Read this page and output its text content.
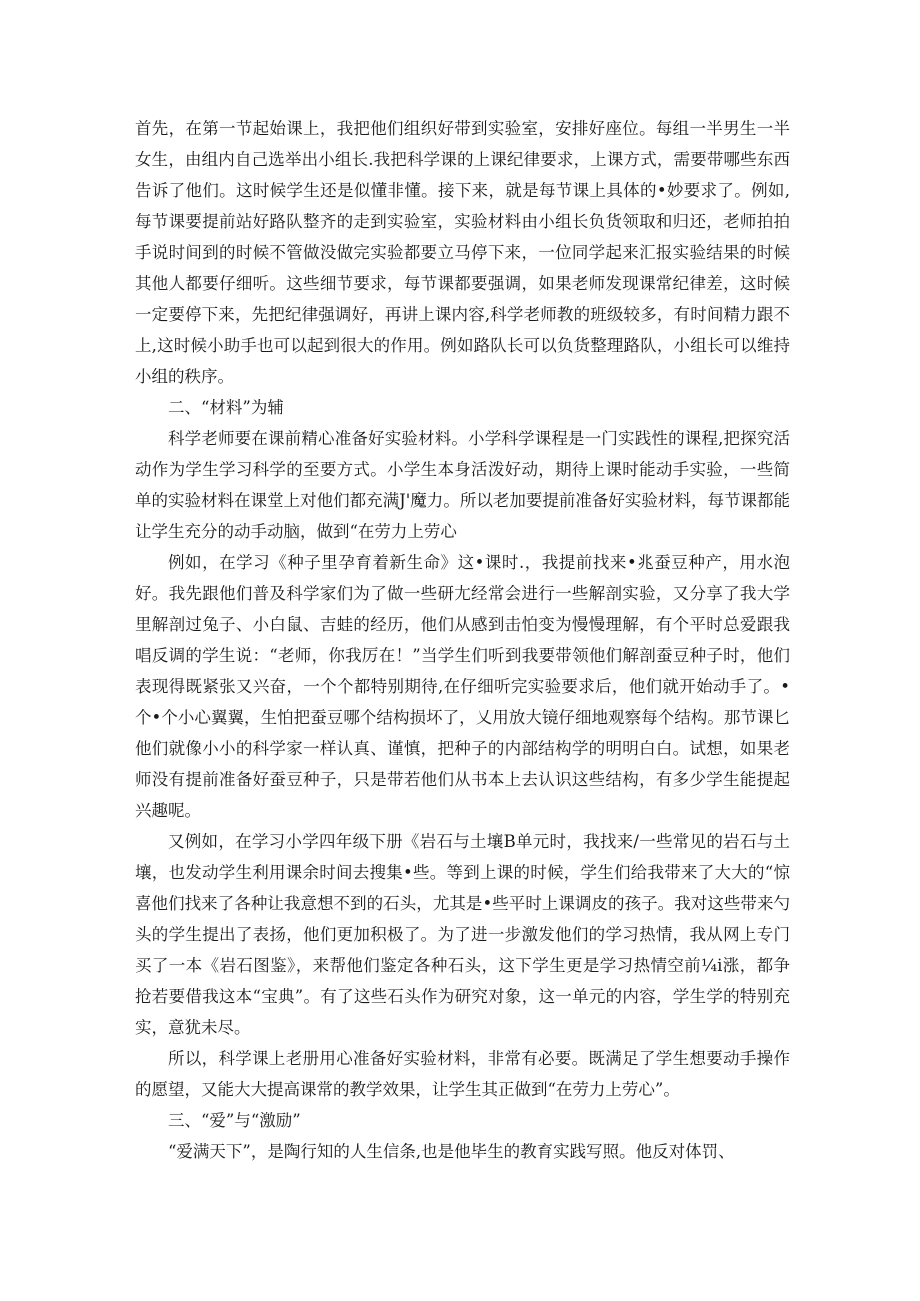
首先，在第一节起始课上，我把他们组织好带到实验室，安排好座位。每组一半男生一半女生，由组内自己选举出小组长.我把科学课的上课纪律要求，上课方式，需要带哪些东西告诉了他们。这时候学生还是似懂非懂。接下来，就是每节课上具体的•妙要求了。例如,每节课要提前站好路队整齐的走到实验室，实验材料由小组长负货领取和归还，老师拍拍手说时间到的时候不管做没做完实验都要立马停下来，一位同学起来汇报实验结果的时候其他人都要仔细听。这些细节要求，每节课都要强调，如果老师发现课常纪律差，这时候一定要停下来，先把纪律强调好，再讲上课内容,科学老师教的班级较多，有时间精力跟不上,这时候小助手也可以起到很大的作用。例如路队长可以负货整理路队，小组长可以维持小组的秩序。

二、“材料”为辅

科学老师要在课前精心准备好实验材料。小学科学课程是一门实践性的课程,把探究活动作为学生学习科学的至要方式。小学生本身活泼好动，期待上课时能动手实验，一些简单的实验材料在课堂上对他们都充满J'魔力。所以老加要提前准备好实验材料，每节课都能让学生充分的动手动脑，做到“在劳力上劳心

例如，在学习《种子里孕育着新生命》这•课时.，我提前找来•兆蚕豆种产，用水泡好。我先跟他们普及科学家们为了做一些研尢经常会进行一些解剖实验，又分享了我大学里解剖过兔子、小白鼠、吉蛙的经历，他们从感到击怕变为慢慢理解，有个平时总爱跟我唱反调的学生说：“老师，你我厉在！”当学生们听到我要带领他们解剖蚕豆种子时，他们表现得既紧张又兴奋，一个个都特别期待,在仔细听完实验要求后，他们就开始动手了。•个•个小心翼翼，生怕把蚕豆哪个结构损坏了，乂用放大镜仔细地观察每个结构。那节课匕他们就像小小的科学家一样认真、谨慎，把种子的内部结构学的明明白白。试想，如果老师没有提前准备好蚕豆种子，只是带若他们从书本上去认识这些结构，有多少学生能提起兴趣呢。

又例如，在学习小学四年级下册《岩石与土壤B单元时，我找来/一些常见的岩石与土壤，也发动学生利用课余时间去搜集•些。等到上课的时候，学生们给我带来了大大的“惊喜他们找来了各种让我意想不到的石头，尤其是•些平时上课调皮的孩子。我对这些带来勺头的学生提出了表扬，他们更加积极了。为了进一步激发他们的学习热情，我从网上专门买了一本《岩石图鉴》，来帮他们鉴定各种石头，这下学生更是学习热情空前¼i涨，都争抢若要借我这本“宝典”。有了这些石头作为研究对象，这一单元的内容，学生学的特别充实，意犹未尽。

所以，科学课上老册用心准备好实验材料，非常有必要。既满足了学生想要动手操作的愿望，又能大大提高课常的教学效果，让学生其正做到“在劳力上劳心”。

三、“爱”与“激励”

“爱满天下”，是陶行知的人生信条,也是他毕生的教育实践写照。他反对体罚、
